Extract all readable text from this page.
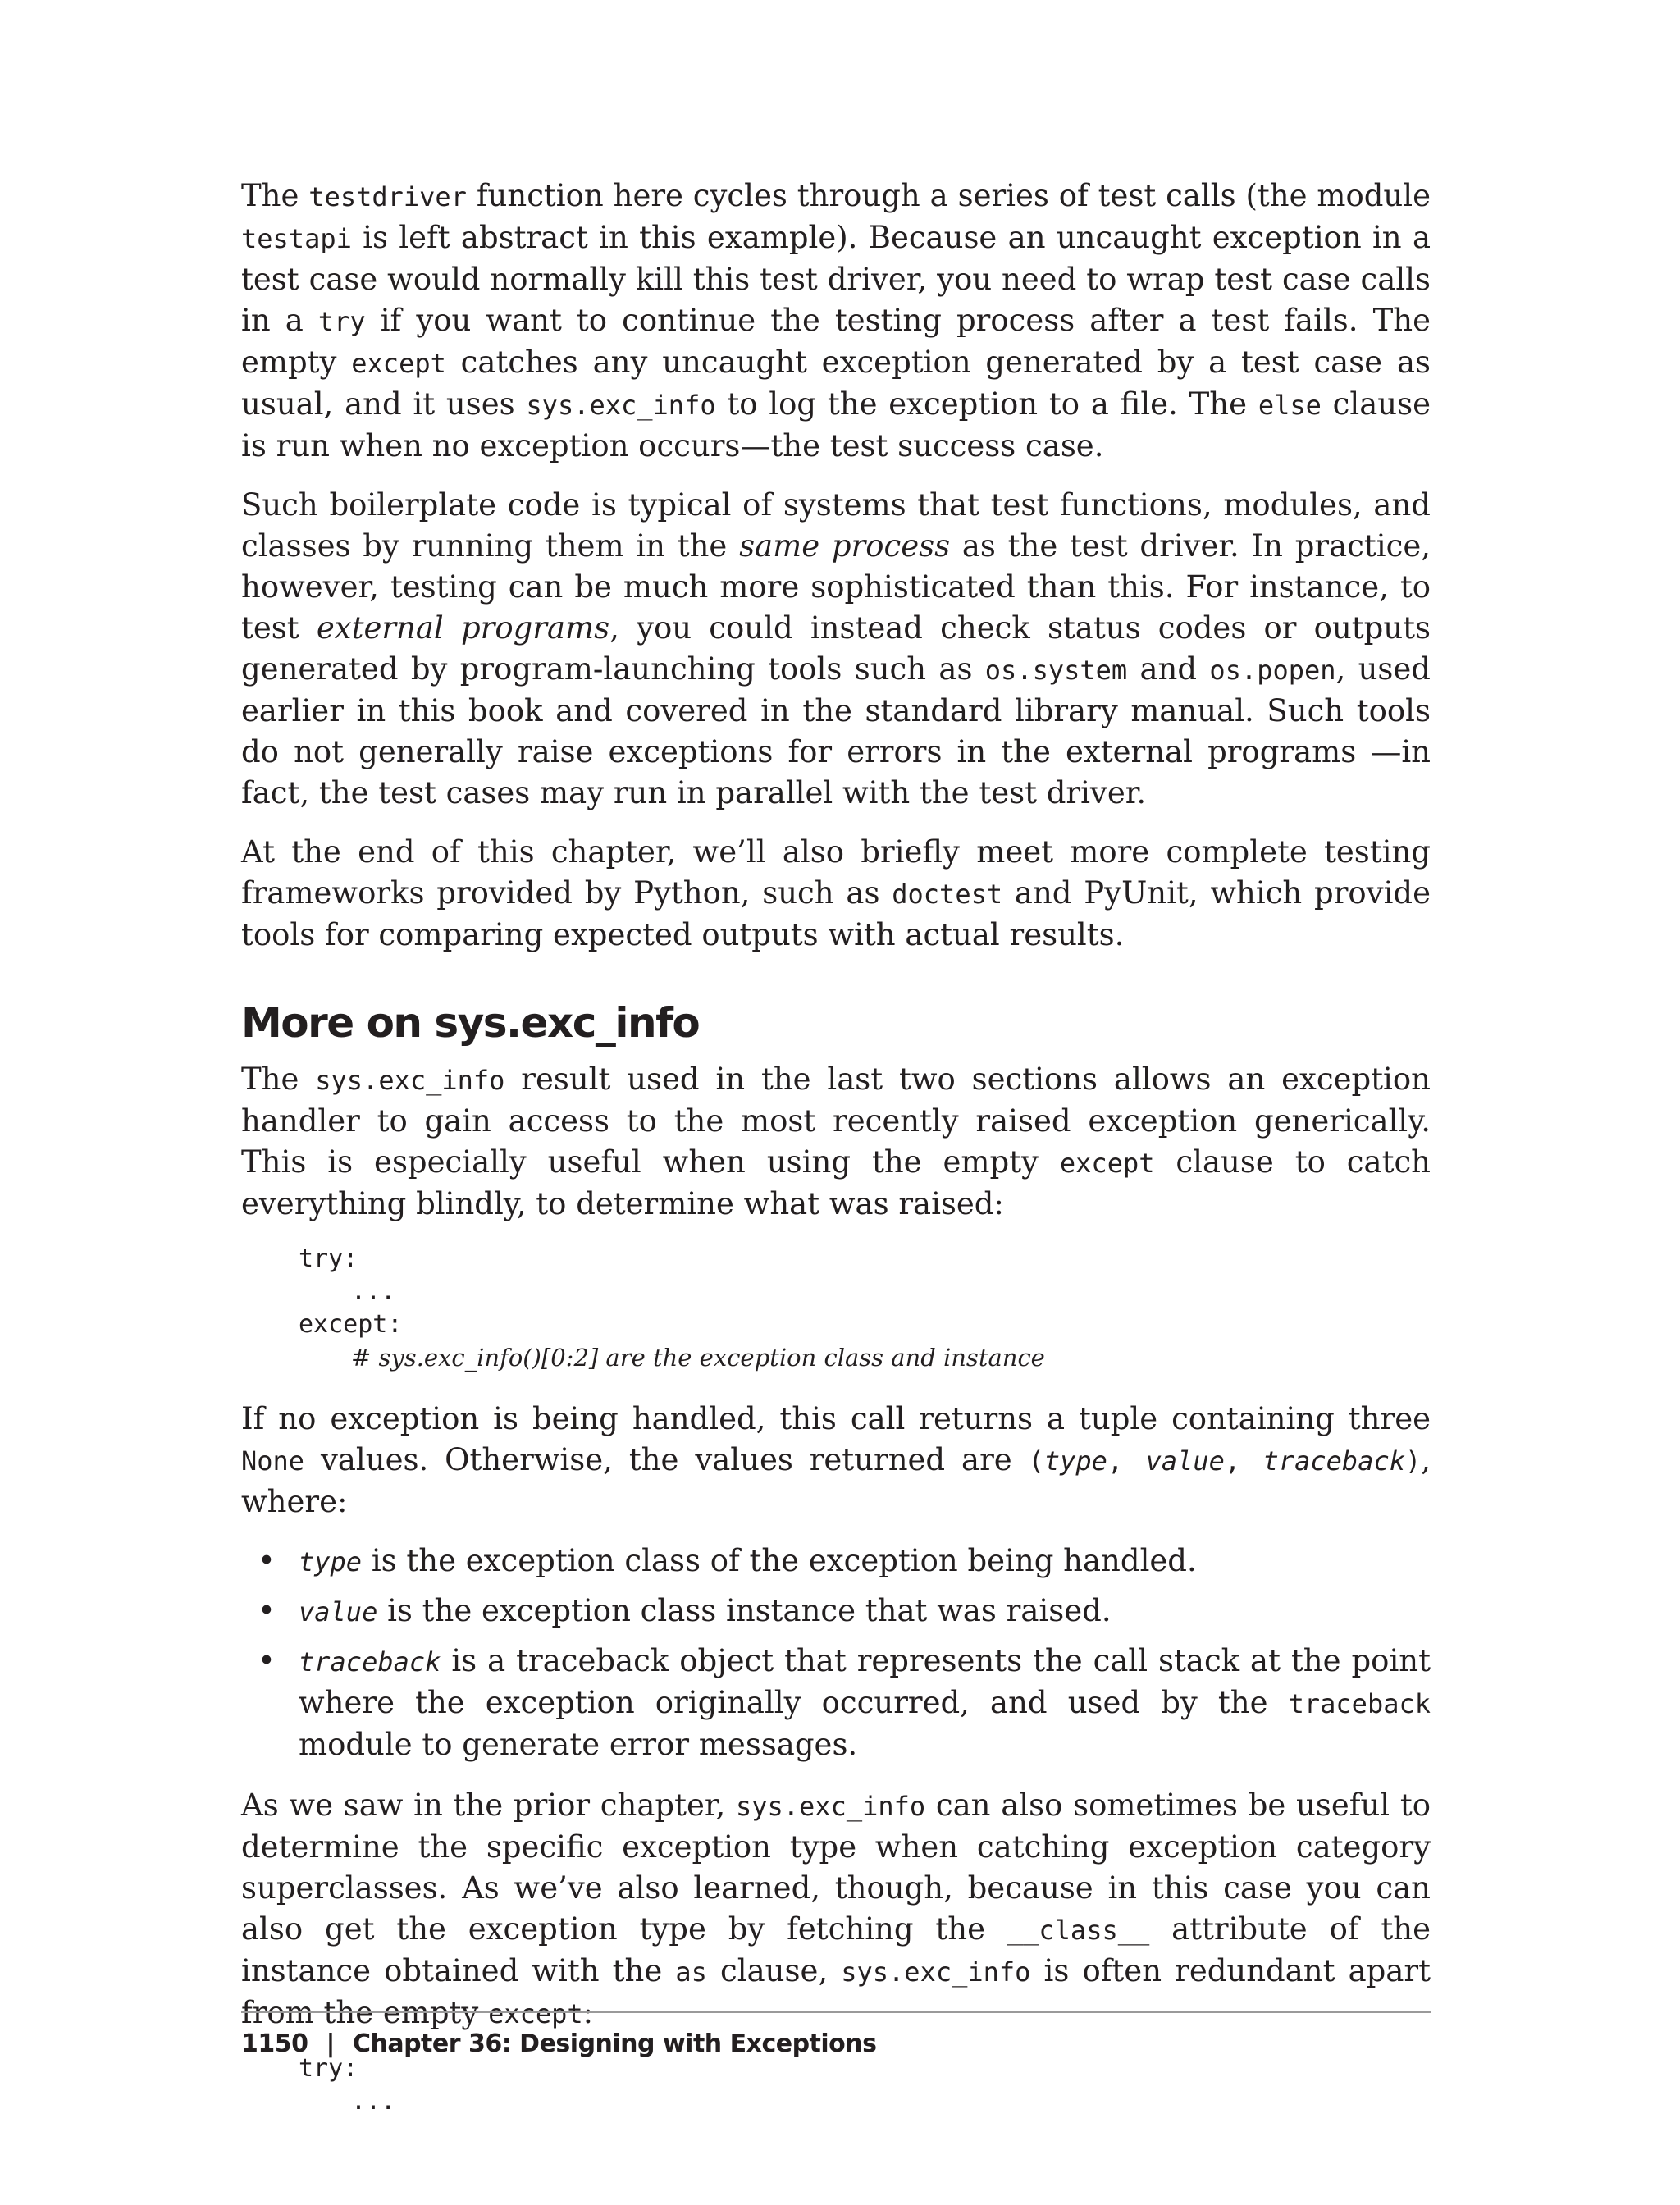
The testdriver function here cycles through a series of test calls (the module testapi is left abstract in this example). Because an uncaught exception in a test case would normally kill this test driver, you need to wrap test case calls in a try if you want to continue the testing process after a test fails. The empty except catches any uncaught exception generated by a test case as usual, and it uses sys.exc_info to log the exception to a file. The else clause is run when no exception occurs—the test success case.

Such boilerplate code is typical of systems that test functions, modules, and classes by running them in the same process as the test driver. In practice, however, testing can be much more sophisticated than this. For instance, to test external programs, you could instead check status codes or outputs generated by program-launching tools such as os.system and os.popen, used earlier in this book and covered in the standard library manual. Such tools do not generally raise exceptions for errors in the external programs —in fact, the test cases may run in parallel with the test driver.

At the end of this chapter, we’ll also briefly meet more complete testing frameworks provided by Python, such as doctest and PyUnit, which provide tools for comparing expected outputs with actual results.

More on sys.exc_info

The sys.exc_info result used in the last two sections allows an exception handler to gain access to the most recently raised exception generically. This is especially useful when using the empty except clause to catch everything blindly, to determine what was raised:

try:
...
except:
# sys.exc_info()[0:2] are the exception class and instance

If no exception is being handled, this call returns a tuple containing three None values. Otherwise, the values returned are (type, value, traceback), where:

• type is the exception class of the exception being handled.
• value is the exception class instance that was raised.
• traceback is a traceback object that represents the call stack at the point where the exception originally occurred, and used by the traceback module to generate error messages.

As we saw in the prior chapter, sys.exc_info can also sometimes be useful to determine the specific exception type when catching exception category superclasses. As we’ve also learned, though, because in this case you can also get the exception type by fetching the __class__ attribute of the instance obtained with the as clause, sys.exc_info is often redundant apart from the empty except:

try:
...
1150 | Chapter 36: Designing with Exceptions
